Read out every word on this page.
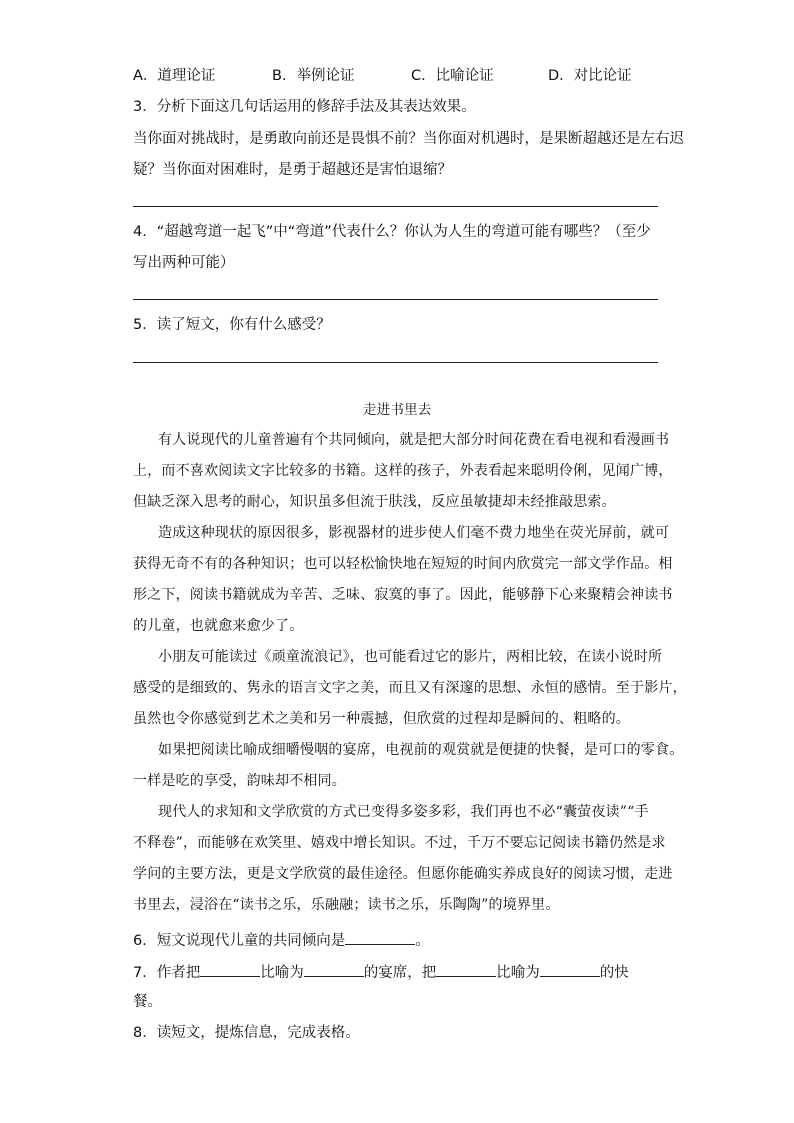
A．道理论证	B．举例论证	C．比喻论证	D．对比论证
3．分析下面这几句话运用的修辞手法及其表达效果。
当你面对挑战时，是勇敢向前还是畏惧不前？当你面对机遇时，是果断超越还是左右迟
疑？当你面对困难时，是勇于超越还是害怕退缩？
4．“超越弯道一起飞”中“弯道”代表什么？你认为人生的弯道可能有哪些？（至少
写出两种可能）
5．读了短文，你有什么感受？
走进书里去
有人说现代的儿童普遍有个共同倾向，就是把大部分时间花费在看电视和看漫画书
上，而不喜欢阅读文字比较多的书籍。这样的孩子，外表看起来聪明伶俐，见闻广博，
但缺乏深入思考的耐心，知识虽多但流于肤浅，反应虽敏捷却未经推敲思索。
造成这种现状的原因很多，影视器材的进步使人们毫不费力地坐在荧光屏前，就可
获得无奇不有的各种知识；也可以轻松愉快地在短短的时间内欣赏完一部文学作品。相
形之下，阅读书籍就成为辛苦、乏味、寂寞的事了。因此，能够静下心来聚精会神读书
的儿童，也就愈来愈少了。
小朋友可能读过《顽童流浪记》，也可能看过它的影片，两相比较，在读小说时所
感受的是细致的、隽永的语言文字之美，而且又有深邃的思想、永恒的感情。至于影片，
虽然也令你感觉到艺术之美和另一种震撼，但欣赏的过程却是瞬间的、粗略的。
如果把阅读比喻成细嚼慢咽的宴席，电视前的观赏就是便捷的快餐，是可口的零食。
一样是吃的享受，韵味却不相同。
现代人的求知和文学欣赏的方式已变得多姿多彩，我们再也不必“囊萤夜读”“手
不释卷”，而能够在欢笑里、嬉戏中增长知识。不过，千万不要忘记阅读书籍仍然是求
学问的主要方法，更是文学欣赏的最佳途径。但愿你能确实养成良好的阅读习惯，走进
书里去，浸浴在“读书之乐，乐融融；读书之乐，乐陶陶”的境界里。
6．短文说现代儿童的共同倾向是	。
7．作者把	比喻为	的宴席，把	比喻为	的快
餐。
8．读短文，提炼信息，完成表格。
